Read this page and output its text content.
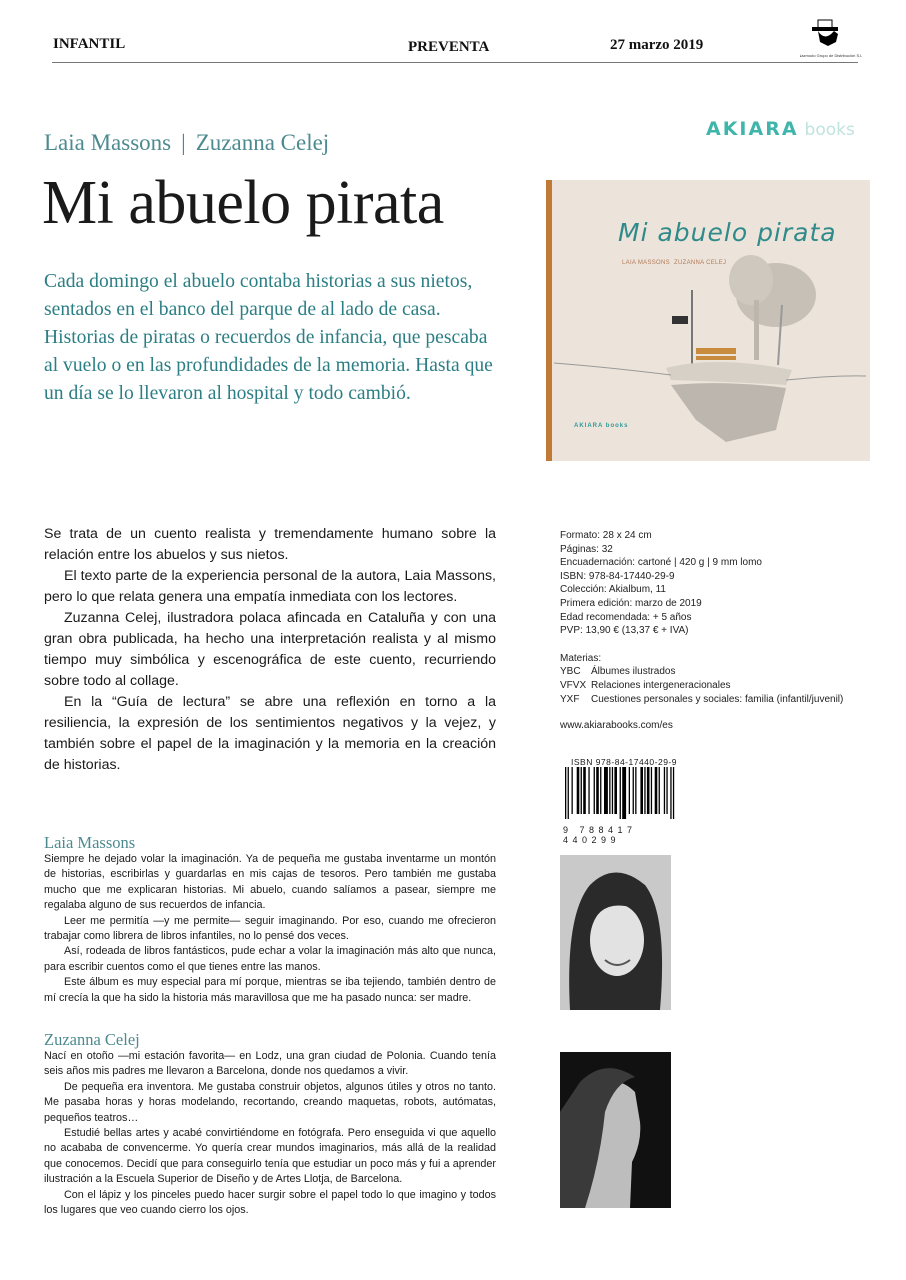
INFANTIL	PREVENTA	27 marzo 2019
Nazmodo Grupo de Distribución S.L.
Laia Massons | Zuzanna Celej
Mi abuelo pirata
Cada domingo el abuelo contaba historias a sus nietos, sentados en el banco del parque de al lado de casa. Historias de piratas o recuerdos de infancia, que pescaba al vuelo o en las profundidades de la memoria. Hasta que un día se lo llevaron al hospital y todo cambió.
AKIARA books
Mi abuelo pirata
LAIA MASSONS ZUZANNA CELEJ
AKIARA books

Se trata de un cuento realista y tremendamente humano sobre la relación entre los abuelos y sus nietos.

El texto parte de la experiencia personal de la autora, Laia Massons, pero lo que relata genera una empatía inmediata con los lectores.

Zuzanna Celej, ilustradora polaca afincada en Cataluña y con una gran obra publicada, ha hecho una interpretación realista y al mismo tiempo muy simbólica y escenográfica de este cuento, recurriendo sobre todo al collage.

En la “Guía de lectura” se abre una reflexión en torno a la resiliencia, la expresión de los sentimientos negativos y la vejez, y también sobre el papel de la imaginación y la memoria en la creación de historias.

Formato: 28 x 24 cm
Páginas: 32
Encuadernación: cartoné | 420 g | 9 mm lomo
ISBN: 978-84-17440-29-9
Colección: Akialbum, 11
Primera edición: marzo de 2019
Edad recomendada: + 5 años
PVP: 13,90 € (13,37 € + IVA)
Materias:
YBC Álbumes ilustrados
VFVX Relaciones intergeneracionales
YXF Cuestiones personales y sociales: familia (infantil/juvenil)
www.akiarabooks.com/es
ISBN 978-84-17440-29-9
9 788417 440299
Laia Massons

Siempre he dejado volar la imaginación. Ya de pequeña me gustaba inventarme un montón de historias, escribirlas y guardarlas en mis cajas de tesoros. Pero también me gustaba mucho que me explicaran historias. Mi abuelo, cuando salíamos a pasear, siempre me regalaba alguno de sus recuerdos de infancia.

Leer me permitía —y me permite— seguir imaginando. Por eso, cuando me ofrecieron trabajar como librera de libros infantiles, no lo pensé dos veces.

Así, rodeada de libros fantásticos, pude echar a volar la imaginación más alto que nunca, para escribir cuentos como el que tienes entre las manos.

Este álbum es muy especial para mí porque, mientras se iba tejiendo, también dentro de mí crecía la que ha sido la historia más maravillosa que me ha pasado nunca: ser madre.

Zuzanna Celej

Nací en otoño —mi estación favorita— en Lodz, una gran ciudad de Polonia. Cuando tenía seis años mis padres me llevaron a Barcelona, donde nos quedamos a vivir.

De pequeña era inventora. Me gustaba construir objetos, algunos útiles y otros no tanto. Me pasaba horas y horas modelando, recortando, creando maquetas, robots, autómatas, pequeños teatros…

Estudié bellas artes y acabé convirtiéndome en fotógrafa. Pero enseguida vi que aquello no acababa de convencerme. Yo quería crear mundos imaginarios, más allá de la realidad que conocemos. Decidí que para conseguirlo tenía que estudiar un poco más y fui a aprender ilustración a la Escuela Superior de Diseño y de Artes Llotja, de Barcelona.

Con el lápiz y los pinceles puedo hacer surgir sobre el papel todo lo que imagino y todos los lugares que veo cuando cierro los ojos.
